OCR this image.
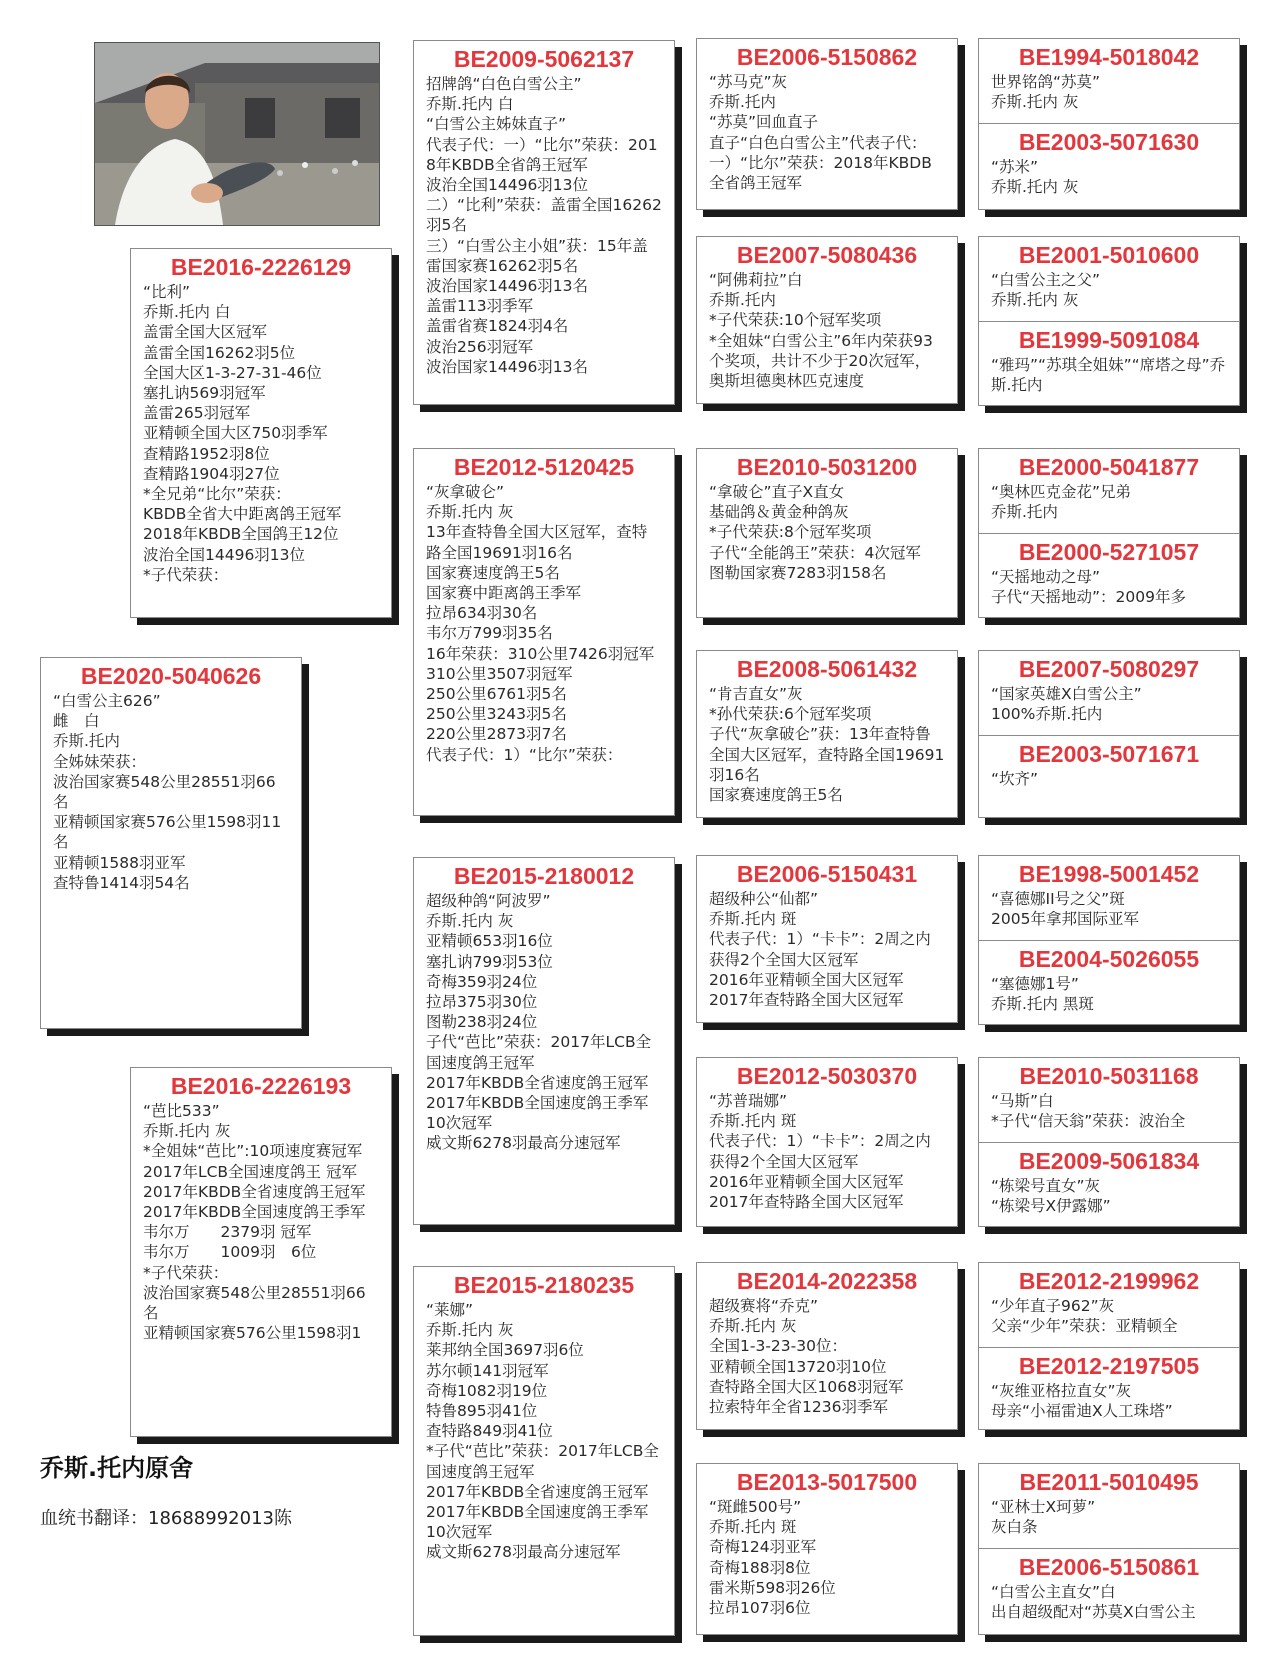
BE2020-5040626
“白雪公主626”
雌　白
乔斯.托内
全姊妹荣获：
波治国家赛548公里28551羽66名
亚精顿国家赛576公里1598羽11名
亚精顿1588羽亚军
查特鲁1414羽54名
BE2016-2226129
“比利”
乔斯.托内 白
盖雷全国大区冠军
盖雷全国16262羽5位
全国大区1-3-27-31-46位
塞扎讷569羽冠军
盖雷265羽冠军
亚精顿全国大区750羽季军
查精路1952羽8位
查精路1904羽27位
*全兄弟“比尔”荣获：
KBDB全省大中距离鸽王冠军
2018年KBDB全国鸽王12位
波治全国14496羽13位
*子代荣获：
BE2016-2226193
“芭比533”
乔斯.托内 灰
*全姐妹“芭比”:10项速度赛冠军
2017年LCB全国速度鸽王 冠军
2017年KBDB全省速度鸽王冠军
2017年KBDB全国速度鸽王季军
韦尔万　　2379羽 冠军
韦尔万　　1009羽　6位
*子代荣获：
波治国家赛548公里28551羽66名
亚精顿国家赛576公里1598羽1
BE2009-5062137
招牌鸽“白色白雪公主”
乔斯.托内 白
“白雪公主姊妹直子”
代表子代：一）“比尔”荣获：2018年KBDB全省鸽王冠军
波治全国14496羽13位
二）“比利”荣获：盖雷全国16262羽5名
三）“白雪公主小姐”获：15年盖雷国家赛16262羽5名
波治国家14496羽13名
盖雷113羽季军
盖雷省赛1824羽4名
波治256羽冠军
波治国家14496羽13名
BE2012-5120425
“灰拿破仑”
乔斯.托内 灰
13年查特鲁全国大区冠军，查特路全国19691羽16名
国家赛速度鸽王5名
国家赛中距离鸽王季军
拉昂634羽30名
韦尔万799羽35名
16年荣获：310公里7426羽冠军
310公里3507羽冠军
250公里6761羽5名
250公里3243羽5名
220公里2873羽7名
代表子代：1）“比尔”荣获：
BE2015-2180012
超级种鸽“阿波罗”
乔斯.托内 灰
亚精顿653羽16位
塞扎讷799羽53位
奇梅359羽24位
拉昂375羽30位
图勒238羽24位
子代“芭比”荣获：2017年LCB全国速度鸽王冠军
2017年KBDB全省速度鸽王冠军
2017年KBDB全国速度鸽王季军
10次冠军
威文斯6278羽最高分速冠军
BE2015-2180235
“莱娜”
乔斯.托内 灰
莱邦纳全国3697羽6位
苏尔顿141羽冠军
奇梅1082羽19位
特鲁895羽41位
查特路849羽41位
*子代“芭比”荣获：2017年LCB全国速度鸽王冠军
2017年KBDB全省速度鸽王冠军
2017年KBDB全国速度鸽王季军
10次冠军
威文斯6278羽最高分速冠军
BE2006-5150862
“苏马克”灰
乔斯.托内
“苏莫”回血直子
直子“白色白雪公主”代表子代：一）“比尔”荣获：2018年KBDB全省鸽王冠军
BE2007-5080436
“阿佛莉拉”白
乔斯.托内
*子代荣获:10个冠军奖项
*全姐妹“白雪公主”6年内荣获93个奖项，共计不少于20次冠军，奥斯坦德奥林匹克速度
BE2010-5031200
“拿破仑”直子X直女
基础鸽＆黄金种鸽灰
*子代荣获:8个冠军奖项
子代“全能鸽王”荣获：4次冠军
图勒国家赛7283羽158名
BE2008-5061432
“肯吉直女”灰
*孙代荣获:6个冠军奖项
子代“灰拿破仑”获：13年查特鲁全国大区冠军，查特路全国19691羽16名
国家赛速度鸽王5名
BE2006-5150431
超级种公“仙都”
乔斯.托内 斑
代表子代：1）“卡卡”：2周之内获得2个全国大区冠军
2016年亚精顿全国大区冠军
2017年查特路全国大区冠军
BE2012-5030370
“苏普瑞娜”
乔斯.托内 斑
代表子代：1）“卡卡”：2周之内获得2个全国大区冠军
2016年亚精顿全国大区冠军
2017年查特路全国大区冠军
BE2014-2022358
超级赛将“乔克”
乔斯.托内 灰
全国1-3-23-30位：
亚精顿全国13720羽10位
查特路全国大区1068羽冠军
拉索特年全省1236羽季军
BE2013-5017500
“斑雌500号”
乔斯.托内 斑
奇梅124羽亚军
奇梅188羽8位
雷米斯598羽26位
拉昂107羽6位
BE1994-5018042
世界铭鸽“苏莫”
乔斯.托内 灰
BE2003-5071630
“苏米”
乔斯.托内 灰
BE2001-5010600
“白雪公主之父”
乔斯.托内 灰
BE1999-5091084
“雅玛”“苏琪全姐妹”“席塔之母”乔斯.托内
BE2000-5041877
“奥林匹克金花”兄弟
乔斯.托内
BE2000-5271057
“天摇地动之母”
子代“天摇地动”：2009年多
BE2007-5080297
“国家英雄X白雪公主”
100%乔斯.托内
BE2003-5071671
“坎齐”
BE1998-5001452
“喜德娜II号之父”斑
2005年拿邦国际亚军
BE2004-5026055
“塞德娜1号”
乔斯.托内 黑斑
BE2010-5031168
“马斯”白
*子代“信天翁”荣获：波治全
BE2009-5061834
“栋梁号直女”灰
“栋梁号X伊露娜”
BE2012-2199962
“少年直子962”灰
父亲“少年”荣获：亚精顿全
BE2012-2197505
“灰维亚格拉直女”灰
母亲“小福雷迪X人工珠塔”
BE2011-5010495
“亚林士X珂萝”
灰白条
BE2006-5150861
“白雪公主直女”白
出自超级配对“苏莫X白雪公主
乔斯.托内原舍
血统书翻译：18688992013陈
